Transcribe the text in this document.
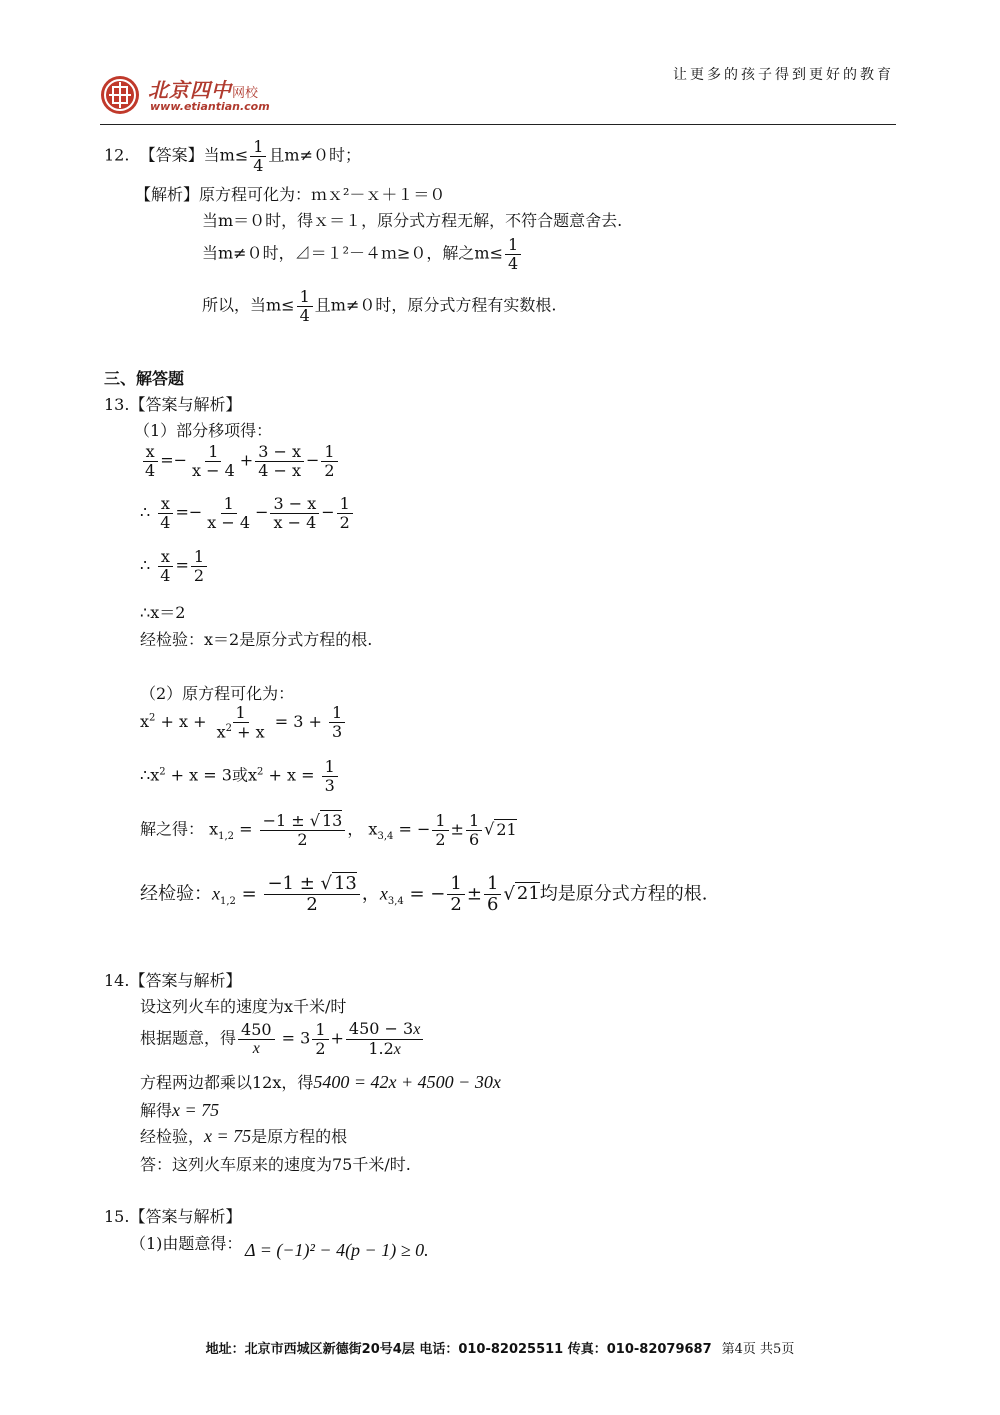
北京四中网校
www.etiantian.com
让更多的孩子得到更好的教育
12. 【答案】当$m\le \frac{1}{4}$ 且m≠０时；
【解析】原方程可化为：ｍｘ²－ｘ＋１＝０
当m＝０时，得ｘ＝１，原分式方程无解，不符合题意舍去.
当m≠０时，⊿＝１²－４ｍ≥０，解之$m\le \frac{1}{4}$
所以，当$m\le \frac{1}{4}$ 且m≠０时，原分式方程有实数根.
三、解答题
13.【答案与解析】
（1）部分移项得：
$\frac{x}{4} =- \frac{1}{x - 4} + \frac{3 - x}{4 - x} - \frac{1}{2}$
∴ $\frac{x}{4} =- \frac{1}{x - 4} - \frac{3 - x}{x - 4} - \frac{1}{2}$
∴ $\frac{x}{4} = \frac{1}{2}$
∴x＝2
经检验：x＝2是原分式方程的根.
（2）原方程可化为：
$x^2 + x + \frac{1}{x^2 + x} = 3 + \frac{1}{3}$
$\therefore x^2 + x = 3$或$x^2 + x = \frac{1}{3}$
解之得： $x_{1,2} = \frac{-1 \pm √ 13}{2}$ ， $x_{3,4}$ = − $\frac{1}{2} \pm \frac{1}{6}$ √ 21
经检验：$x_{1,2} = \frac{-1 \pm √ 13}{2}$ ，$x_{3,4}$ = − $\frac{1}{2} \pm \frac{1}{6}$ √ 21均是原分式方程的根.
14.【答案与解析】
设这列火车的速度为x千米/时
根据题意，得 $\frac{450}{x} = 3 \frac{1}{2} + \frac{450 - 3x}{1.2x}$
方程两边都乘以12x，得5400 = 42x + 4500 − 30x
解得x = 75
经检验，x = 75是原方程的根
答：这列火车原来的速度为75千米/时.
15.【答案与解析】
（1)由题意得： Δ = (−1)² − 4(p − 1) ≥ 0.
地址：北京市西城区新德街20号4层 电话：010-82025511 传真：010-82079687 第4页 共5页
